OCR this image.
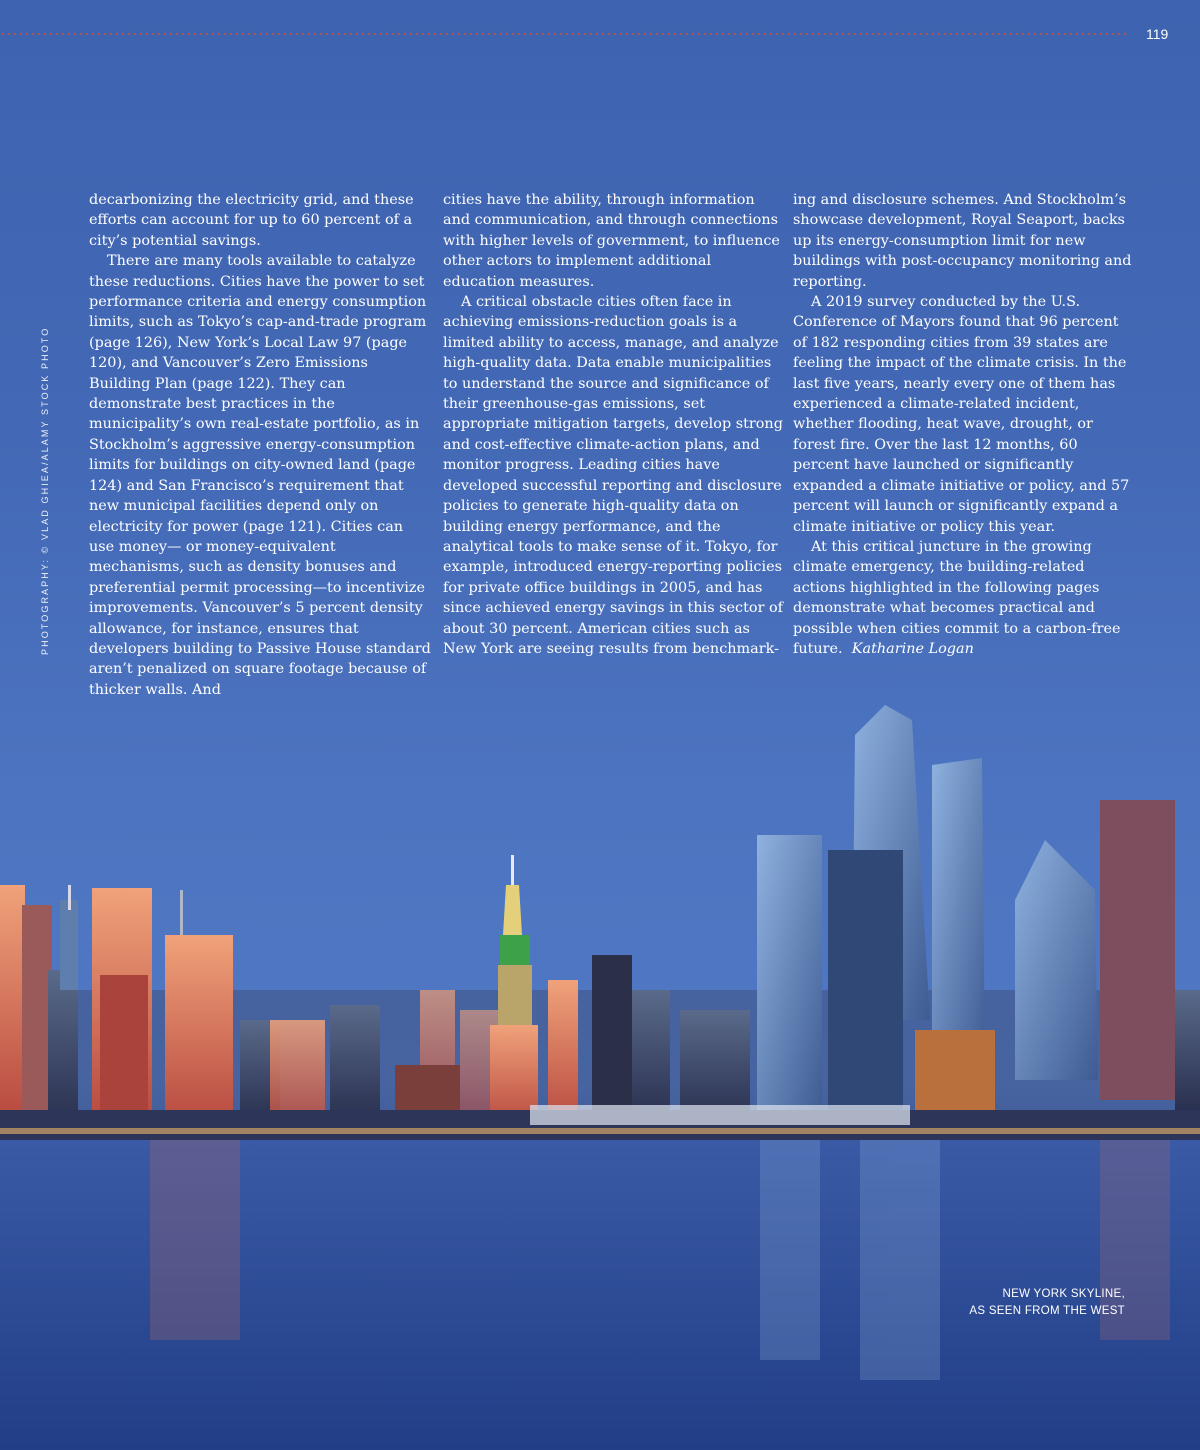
119
PHOTOGRAPHY: © VLAD GHIEA/ALAMY STOCK PHOTO

decarbonizing the electricity grid, and these efforts can account for up to 60 percent of a city’s potential savings.

There are many tools available to catalyze these reductions. Cities have the power to set performance criteria and energy consumption limits, such as Tokyo’s cap-and-trade program (page 126), New York’s Local Law 97 (page 120), and Vancouver’s Zero Emissions Building Plan (page 122). They can demonstrate best practices in the municipality’s own real-estate portfolio, as in Stockholm’s aggressive energy-consumption limits for buildings on city-owned land (page 124) and San Francisco’s requirement that new municipal facilities depend only on electricity for power (page 121). Cities can use money— or money-equivalent mechanisms, such as density bonuses and preferential permit processing—to incentivize improvements. Vancouver’s 5 percent density allowance, for instance, ensures that developers building to Passive House standard aren’t penalized on square footage because of thicker walls. And

cities have the ability, through information and communication, and through connections with higher levels of government, to influence other actors to implement additional education measures.

A critical obstacle cities often face in achieving emissions-reduction goals is a limited ability to access, manage, and analyze high-quality data. Data enable municipalities to understand the source and significance of their greenhouse-gas emissions, set appropriate mitigation targets, develop strong and cost-effective climate-action plans, and monitor progress. Leading cities have developed successful reporting and disclosure policies to generate high-quality data on building energy performance, and the analytical tools to make sense of it. Tokyo, for example, introduced energy-reporting policies for private office buildings in 2005, and has since achieved energy savings in this sector of about 30 percent. American cities such as New York are seeing results from benchmark-

ing and disclosure schemes. And Stockholm’s showcase development, Royal Seaport, backs up its energy-consumption limit for new buildings with post-occupancy monitoring and reporting.

A 2019 survey conducted by the U.S. Conference of Mayors found that 96 percent of 182 responding cities from 39 states are feeling the impact of the climate crisis. In the last five years, nearly every one of them has experienced a climate-related incident, whether flooding, heat wave, drought, or forest fire. Over the last 12 months, 60 percent have launched or significantly expanded a climate initiative or policy, and 57 percent will launch or significantly expand a climate initiative or policy this year.

At this critical juncture in the growing climate emergency, the building-related actions highlighted in the following pages demonstrate what becomes practical and possible when cities commit to a carbon-free future. Katharine Logan

NEW YORK SKYLINE,
AS SEEN FROM THE WEST
